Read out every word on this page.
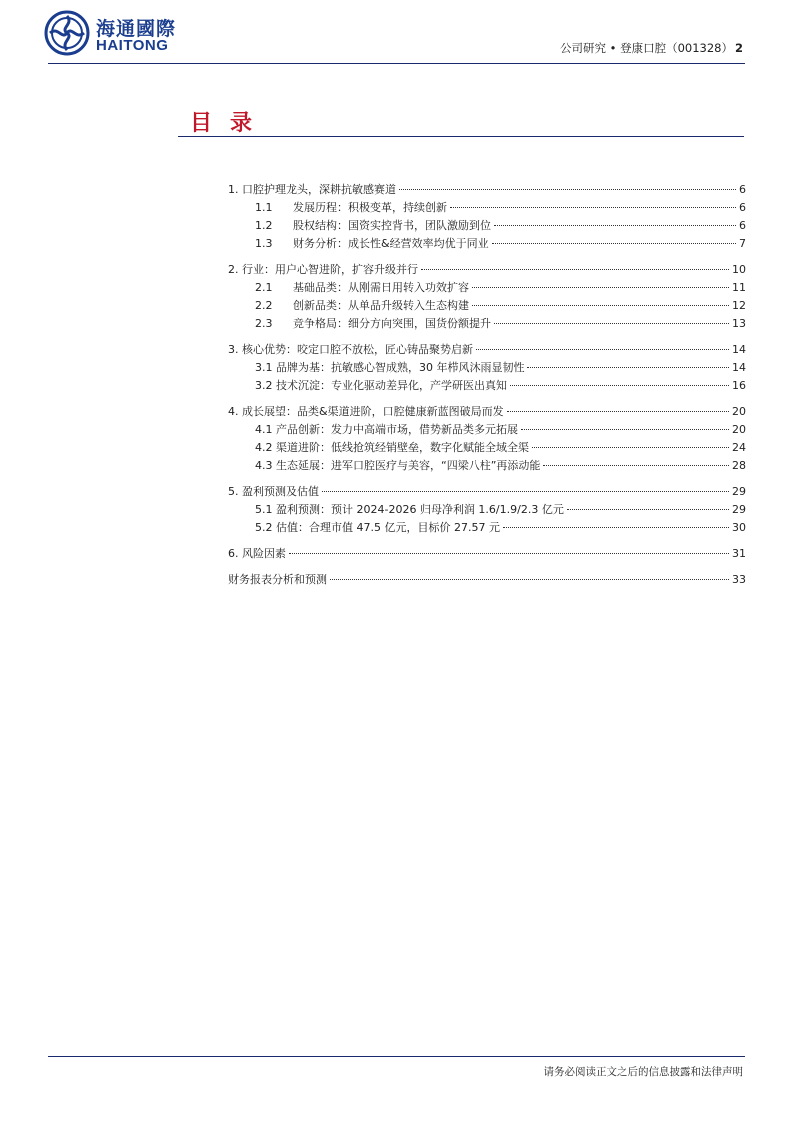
海通國際
HAITONG	公司研究 • 登康口腔（001328） 2
目录
1. 口腔护理龙头，深耕抗敏感赛道	6
1.1 发展历程：积极变革，持续创新	6
1.2 股权结构：国资实控背书，团队激励到位	6
1.3 财务分析：成长性&经营效率均优于同业	7
2. 行业：用户心智进阶，扩容升级并行	10
2.1 基础品类：从刚需日用转入功效扩容	11
2.2 创新品类：从单品升级转入生态构建	12
2.3 竞争格局：细分方向突围，国货份额提升	13
3. 核心优势：咬定口腔不放松，匠心铸品聚势启新	14
3.1 品牌为基：抗敏感心智成熟，30 年栉风沐雨显韧性	14
3.2 技术沉淀：专业化驱动差异化，产学研医出真知	16
4. 成长展望：品类&渠道进阶，口腔健康新蓝图破局而发	20
4.1 产品创新：发力中高端市场，借势新品类多元拓展	20
4.2 渠道进阶：低线抢筑经销壁垒，数字化赋能全域全渠	24
4.3 生态延展：进军口腔医疗与美容，“四梁八柱”再添动能	28
5. 盈利预测及估值	29
5.1 盈利预测：预计 2024-2026 归母净利润 1.6/1.9/2.3 亿元	29
5.2 估值：合理市值 47.5 亿元，目标价 27.57 元	30
6. 风险因素	31
财务报表分析和预测	33
请务必阅读正文之后的信息披露和法律声明
